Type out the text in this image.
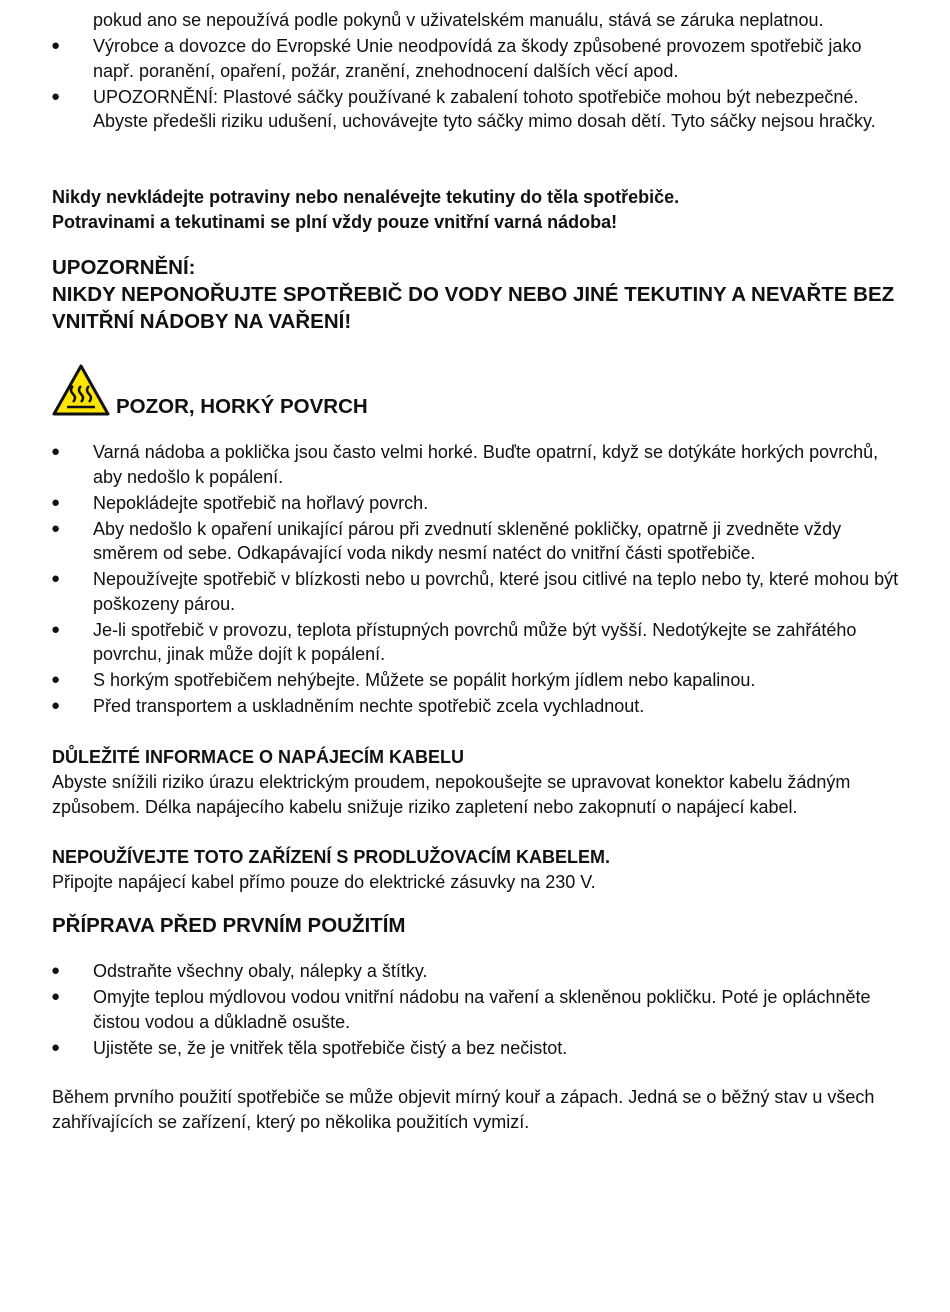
pokud ano se nepoužívá podle pokynů v uživatelském manuálu, stává se záruka neplatnou.

● Výrobce a dovozce do Evropské Unie neodpovídá za škody způsobené provozem spotřebič jako např. poranění, opaření, požár, zranění, znehodnocení dalších věcí apod.
● UPOZORNĚNÍ: Plastové sáčky používané k zabalení tohoto spotřebiče mohou být nebezpečné. Abyste předešli riziku udušení, uchovávejte tyto sáčky mimo dosah dětí. Tyto sáčky nejsou hračky.

Nikdy nevkládejte potraviny nebo nenalévejte tekutiny do těla spotřebiče.

Potravinami a tekutinami se plní vždy pouze vnitřní varná nádoba!

UPOZORNĚNÍ:

NIKDY NEPONOŘUJTE SPOTŘEBIČ DO VODY NEBO JINÉ TEKUTINY A NEVAŘTE BEZ VNITŘNÍ NÁDOBY NA VAŘENÍ!

POZOR, HORKÝ POVRCH
● Varná nádoba a poklička jsou často velmi horké. Buďte opatrní, když se dotýkáte horkých povrchů, aby nedošlo k popálení.
● Nepokládejte spotřebič na hořlavý povrch.
● Aby nedošlo k opaření unikající párou při zvednutí skleněné pokličky, opatrně ji zvedněte vždy směrem od sebe. Odkapávající voda nikdy nesmí natéct do vnitřní části spotřebiče.
● Nepoužívejte spotřebič v blízkosti nebo u povrchů, které jsou citlivé na teplo nebo ty, které mohou být poškozeny párou.
● Je-li spotřebič v provozu, teplota přístupných povrchů může být vyšší. Nedotýkejte se zahřátého povrchu, jinak může dojít k popálení.
● S horkým spotřebičem nehýbejte. Můžete se popálit horkým jídlem nebo kapalinou.
● Před transportem a uskladněním nechte spotřebič zcela vychladnout.

DŮLEŽITÉ INFORMACE O NAPÁJECÍM KABELU

Abyste snížili riziko úrazu elektrickým proudem, nepokoušejte se upravovat konektor kabelu žádným způsobem. Délka napájecího kabelu snižuje riziko zapletení nebo zakopnutí o napájecí kabel.

NEPOUŽÍVEJTE TOTO ZAŘÍZENÍ S PRODLUŽOVACÍM KABELEM.

Připojte napájecí kabel přímo pouze do elektrické zásuvky na 230 V.

PŘÍPRAVA PŘED PRVNÍM POUŽITÍM

● Odstraňte všechny obaly, nálepky a štítky.
● Omyjte teplou mýdlovou vodou vnitřní nádobu na vaření a skleněnou pokličku. Poté je opláchněte čistou vodou a důkladně osušte.
● Ujistěte se, že je vnitřek těla spotřebiče čistý a bez nečistot.

Během prvního použití spotřebiče se může objevit mírný kouř a zápach. Jedná se o běžný stav u všech zahřívajících se zařízení, který po několika použitích vymizí.
